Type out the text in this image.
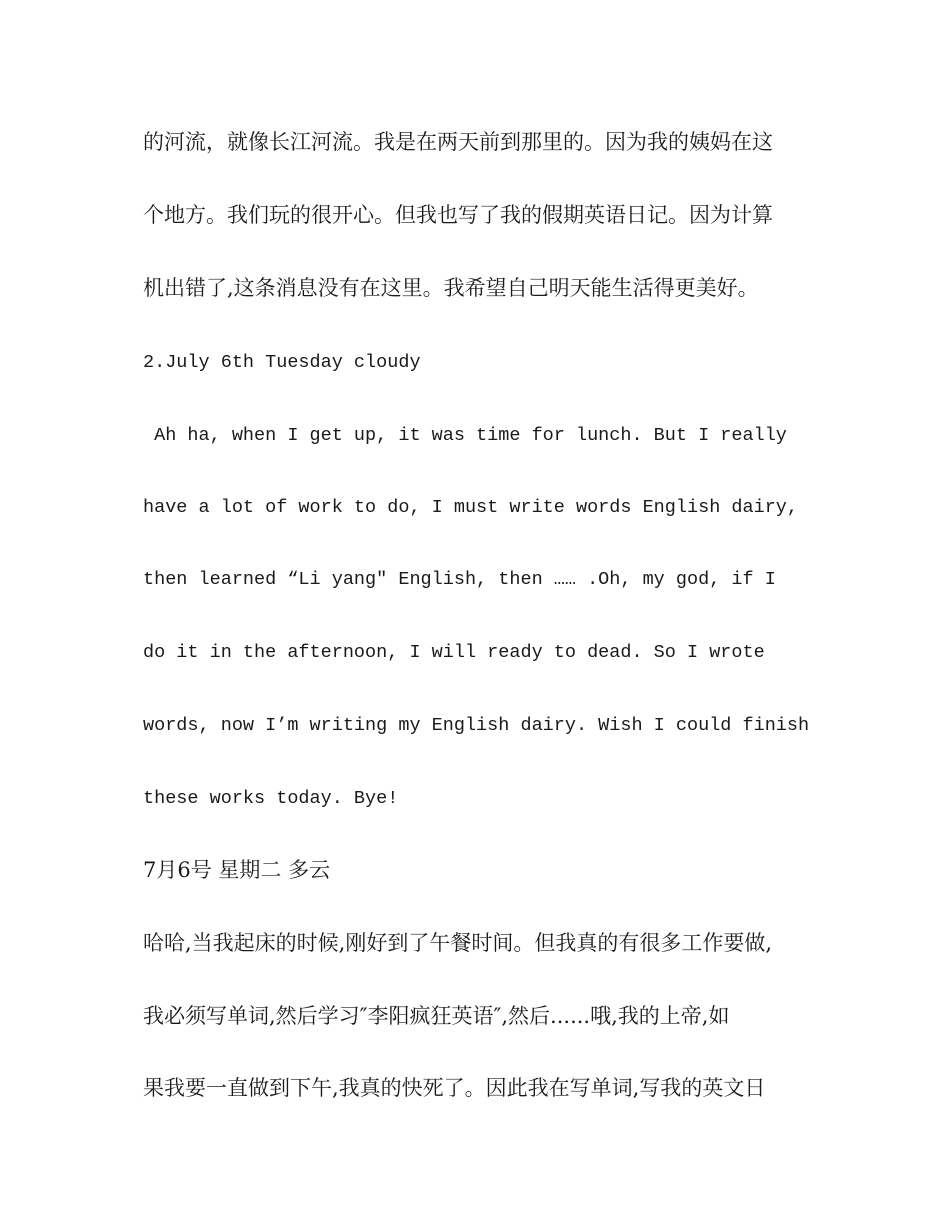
的河流，就像长江河流。我是在两天前到那里的。因为我的姨妈在这
个地方。我们玩的很开心。但我也写了我的假期英语日记。因为计算
机出错了,这条消息没有在这里。我希望自己明天能生活得更美好。
2.July 6th Tuesday cloudy
Ah ha, when I get up, it was time for lunch. But I really
have a lot of work to do, I must write words English dairy,
then learned “Li yang″ English, then …… .Oh, my god, if I
do it in the afternoon, I will ready to dead. So I wrote
words, now I’m writing my English dairy. Wish I could finish
these works today. Bye!
7月6号 星期二 多云
哈哈,当我起床的时候,刚好到了午餐时间。但我真的有很多工作要做,
我必须写单词,然后学习″李阳疯狂英语″,然后......哦,我的上帝,如
果我要一直做到下午,我真的快死了。因此我在写单词,写我的英文日
